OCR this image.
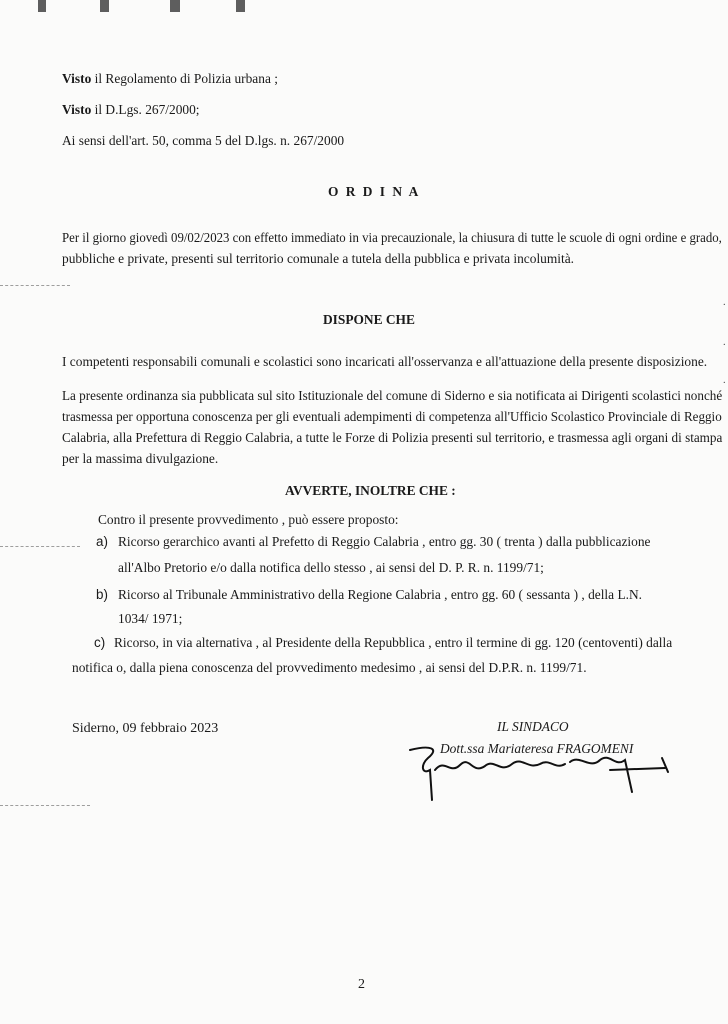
Visto il Regolamento di Polizia urbana ;
Visto il D.Lgs. 267/2000;
Ai sensi dell'art. 50, comma 5 del D.lgs. n. 267/2000
O R D I N A
Per il giorno giovedì 09/02/2023 con effetto immediato in via precauzionale, la chiusura di tutte le scuole di ogni ordine e grado,
pubbliche e private, presenti sul territorio comunale a tutela della pubblica e privata incolumità.
DISPONE CHE
I competenti responsabili comunali e scolastici sono incaricati all'osservanza e all'attuazione della presente disposizione.
La presente ordinanza sia pubblicata sul sito Istituzionale del comune di Siderno e sia notificata ai Dirigenti scolastici nonché
trasmessa per opportuna conoscenza per gli eventuali adempimenti di competenza all'Ufficio Scolastico Provinciale di Reggio
Calabria, alla Prefettura di Reggio Calabria, a tutte le Forze di Polizia presenti sul territorio, e trasmessa agli organi di stampa
per la massima divulgazione.
AVVERTE, INOLTRE CHE :
Contro il presente provvedimento , può essere proposto:
a) Ricorso gerarchico avanti al Prefetto di Reggio Calabria , entro gg. 30 ( trenta ) dalla pubblicazione
all'Albo Pretorio e/o dalla notifica dello stesso , ai sensi del D. P. R. n. 1199/71;
b) Ricorso al Tribunale Amministrativo della Regione Calabria , entro gg. 60 ( sessanta ) , della L.N.
1034/ 1971;
c) Ricorso, in via alternativa , al Presidente della Repubblica , entro il termine di gg. 120 (centoventi) dalla
notifica o, dalla piena conoscenza del provvedimento medesimo , ai sensi del D.P.R. n. 1199/71.
Siderno, 09 febbraio 2023	IL SINDACO
Dott.ssa Mariateresa FRAGOMENI
2
·
·
·
